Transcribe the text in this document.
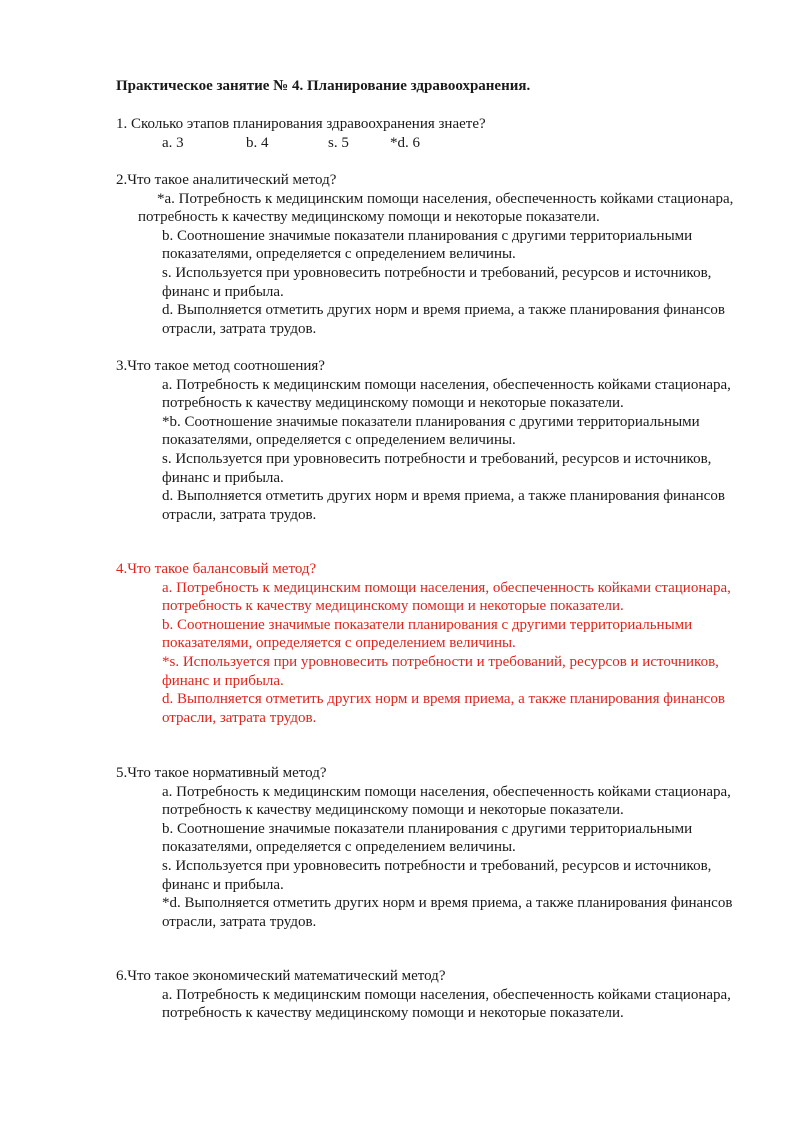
Практическое занятие № 4. Планирование здравоохранения.
1. Сколько этапов планирования здравоохранения знаете?
a. 3	b. 4	s. 5	*d. 6
2.Что такое аналитический метод?
*a. Потребность к медицинским помощи населения, обеспеченность койками стационара, потребность к качеству медицинскому помощи и некоторые показатели.
b. Соотношение значимые показатели планирования с другими территориальными показателями, определяется с определением величины.
s. Используется при уровновесить потребности и требований, ресурсов и источников, финанс и прибыла.
d. Выполняется отметить других норм и время приема, а также планирования финансов отрасли, затрата трудов.
3.Что такое метод соотношения?
a. Потребность к медицинским помощи населения, обеспеченность койками стационара, потребность к качеству медицинскому помощи и некоторые показатели.
*b. Соотношение значимые показатели планирования с другими территориальными показателями, определяется с определением величины.
s. Используется при уровновесить потребности и требований, ресурсов и источников, финанс и прибыла.
d. Выполняется отметить других норм и время приема, а также планирования финансов отрасли, затрата трудов.
4.Что такое балансовый метод?
a. Потребность к медицинским помощи населения, обеспеченность койками стационара, потребность к качеству медицинскому помощи и некоторые показатели.
b. Соотношение значимые показатели планирования с другими территориальными показателями, определяется с определением величины.
*s. Используется при уровновесить потребности и требований, ресурсов и источников, финанс и прибыла.
d. Выполняется отметить других норм и время приема, а также планирования финансов отрасли, затрата трудов.
5.Что такое нормативный метод?
a. Потребность к медицинским помощи населения, обеспеченность койками стационара, потребность к качеству медицинскому помощи и некоторые показатели.
b. Соотношение значимые показатели планирования с другими территориальными показателями, определяется с определением величины.
s. Используется при уровновесить потребности и требований, ресурсов и источников, финанс и прибыла.
*d. Выполняется отметить других норм и время приема, а также планирования финансов отрасли, затрата трудов.
6.Что такое экономический математический метод?
a. Потребность к медицинским помощи населения, обеспеченность койками стационара, потребность к качеству медицинскому помощи и некоторые показатели.
